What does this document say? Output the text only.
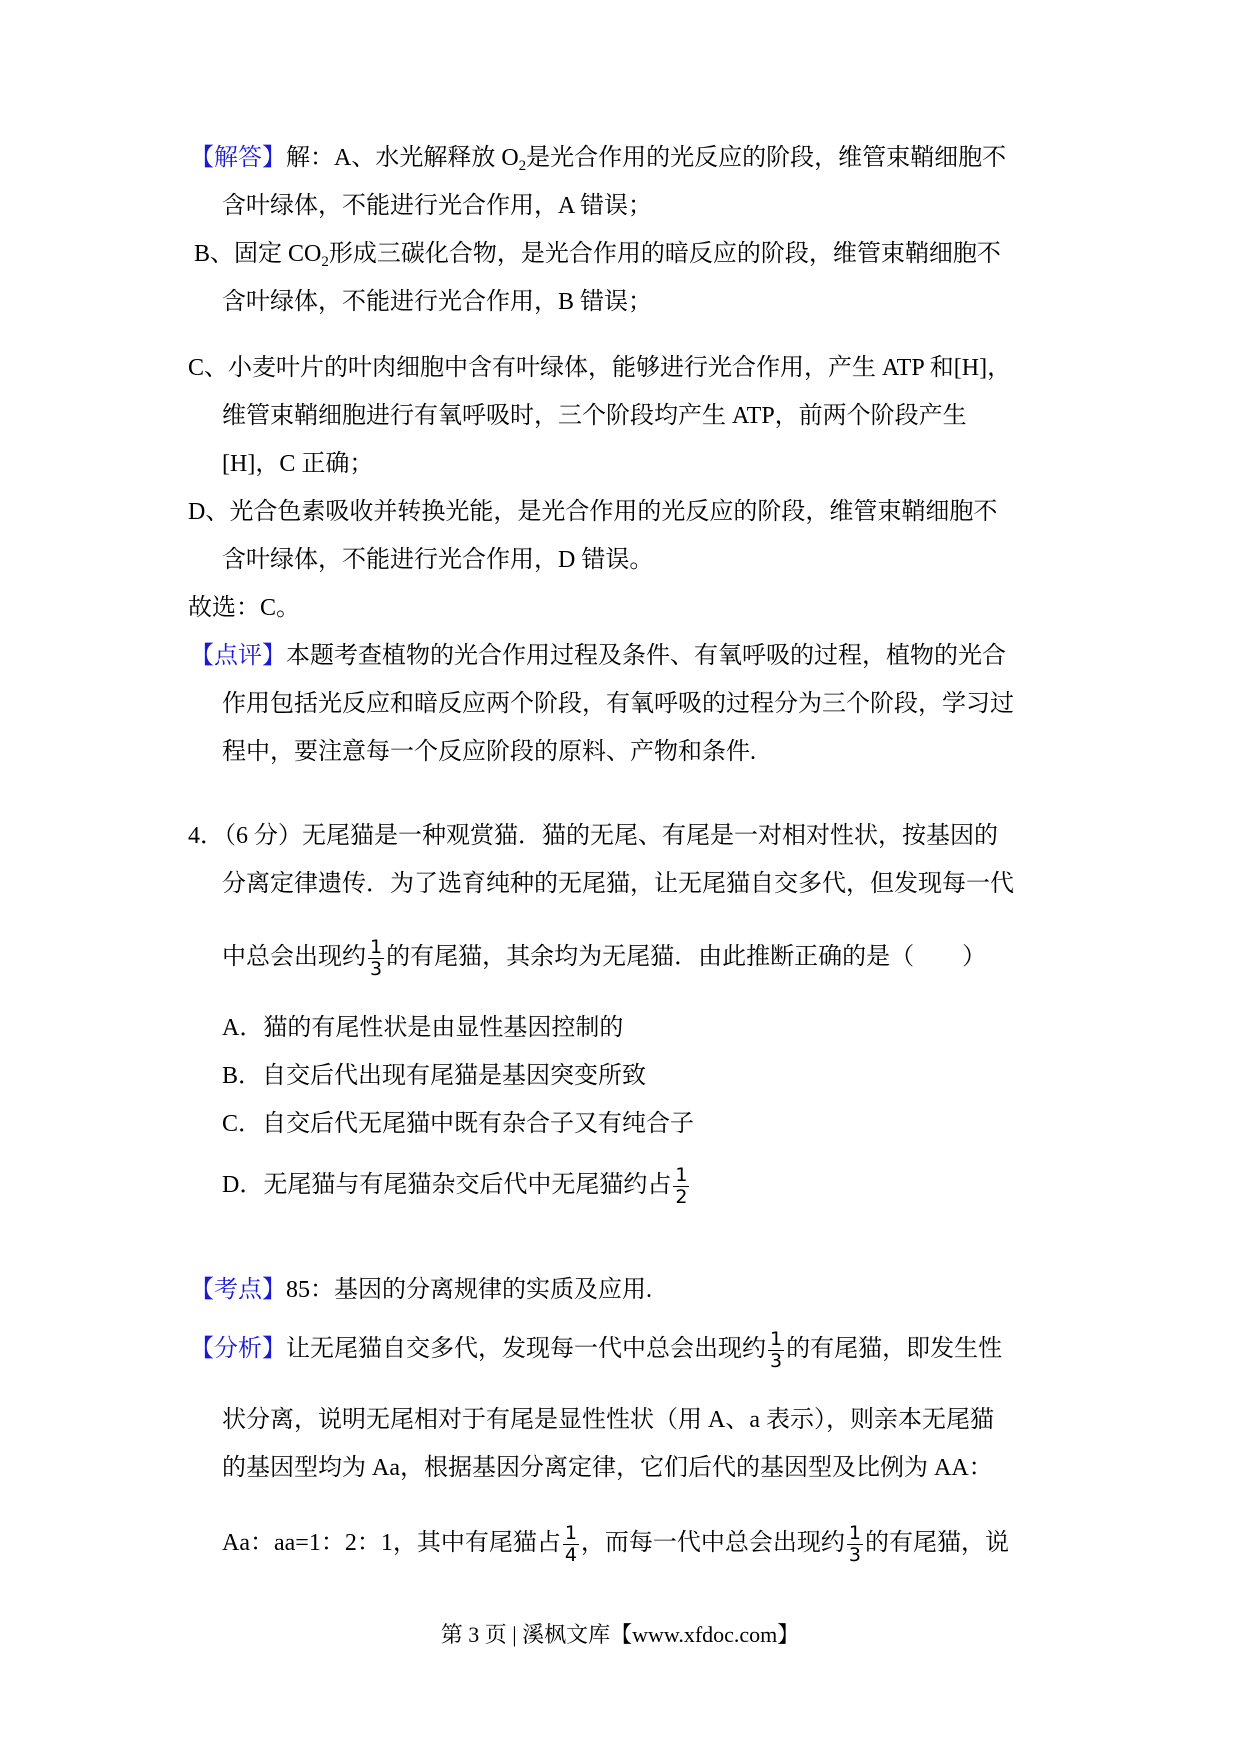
【解答】解：A、水光解释放 $O_2$是光合作用的光反应的阶段，维管束鞘细胞不
含叶绿体，不能进行光合作用，A 错误；
B、固定 $CO_2$形成三碳化合物，是光合作用的暗反应的阶段，维管束鞘细胞不
含叶绿体，不能进行光合作用，B 错误；
C、小麦叶片的叶肉细胞中含有叶绿体，能够进行光合作用，产生 ATP 和[H]，
维管束鞘细胞进行有氧呼吸时，三个阶段均产生 ATP，前两个阶段产生
[H]，C 正确；
D、光合色素吸收并转换光能，是光合作用的光反应的阶段，维管束鞘细胞不
含叶绿体，不能进行光合作用，D 错误。
故选：C。
【点评】本题考查植物的光合作用过程及条件、有氧呼吸的过程，植物的光合
作用包括光反应和暗反应两个阶段，有氧呼吸的过程分为三个阶段，学习过
程中，要注意每一个反应阶段的原料、产物和条件.
4．（6 分）无尾猫是一种观赏猫．猫的无尾、有尾是一对相对性状，按基因的
分离定律遗传．为了选育纯种的无尾猫，让无尾猫自交多代，但发现每一代
中总会出现约 $\frac{1}{3}$ 的有尾猫，其余均为无尾猫．由此推断正确的是（　　）
A．猫的有尾性状是由显性基因控制的
B．自交后代出现有尾猫是基因突变所致
C．自交后代无尾猫中既有杂合子又有纯合子
D．无尾猫与有尾猫杂交后代中无尾猫约占 $\frac{1}{2}$
【考点】85：基因的分离规律的实质及应用.
【分析】让无尾猫自交多代，发现每一代中总会出现约 $\frac{1}{3}$ 的有尾猫，即发生性
状分离，说明无尾相对于有尾是显性性状（用 A、a 表示），则亲本无尾猫
的基因型均为 Aa，根据基因分离定律，它们后代的基因型及比例为 AA：
Aa：aa=1：2：1，其中有尾猫占 $\frac{1}{4}$ ，而每一代中总会出现约 $\frac{1}{3}$ 的有尾猫，说
第 3 页 | 溪枫文库【www.xfdoc.com】
